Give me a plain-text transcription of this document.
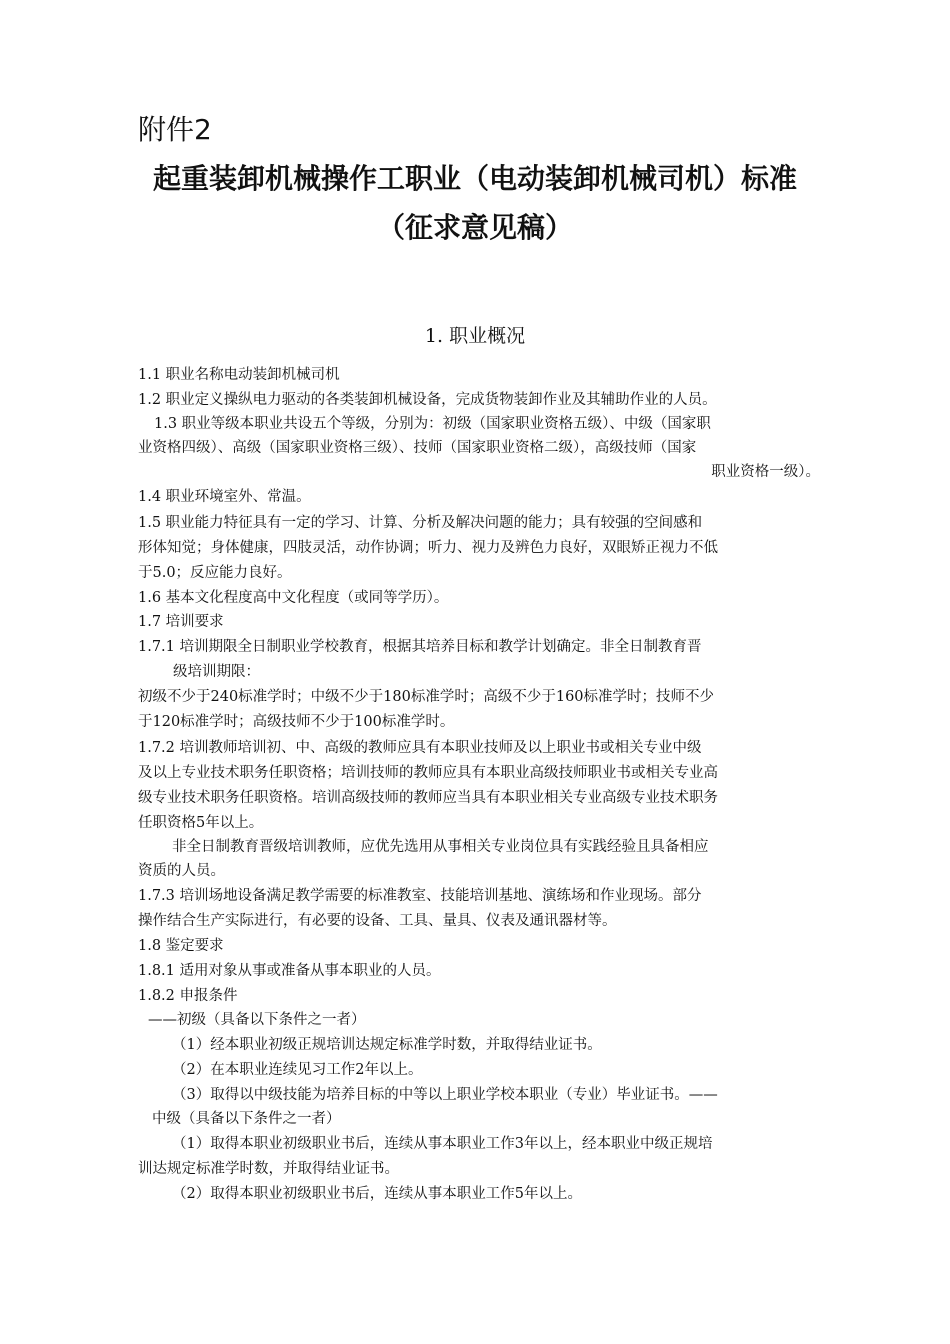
附件2
起重装卸机械操作工职业（电动装卸机械司机）标准
（征求意见稿）
1. 职业概况
1.1 职业名称电动装卸机械司机
1.2 职业定义操纵电力驱动的各类装卸机械设备，完成货物装卸作业及其辅助作业的人员。
1.3 职业等级本职业共设五个等级，分别为：初级（国家职业资格五级）、中级（国家职
业资格四级）、高级（国家职业资格三级）、技师（国家职业资格二级），高级技师（国家
职业资格一级）。
1.4 职业环境室外、常温。
1.5 职业能力特征具有一定的学习、计算、分析及解决问题的能力；具有较强的空间感和
形体知觉；身体健康，四肢灵活，动作协调；听力、视力及辨色力良好，双眼矫正视力不低
于5.0；反应能力良好。
1.6 基本文化程度高中文化程度（或同等学历）。
1.7 培训要求
1.7.1 培训期限全日制职业学校教育，根据其培养目标和教学计划确定。非全日制教育晋
级培训期限：
初级不少于240标准学时；中级不少于180标准学时；高级不少于160标准学时；技师不少
于120标准学时；高级技师不少于100标准学时。
1.7.2 培训教师培训初、中、高级的教师应具有本职业技师及以上职业书或相关专业中级
及以上专业技术职务任职资格；培训技师的教师应具有本职业高级技师职业书或相关专业高
级专业技术职务任职资格。培训高级技师的教师应当具有本职业相关专业高级专业技术职务
任职资格5年以上。
非全日制教育晋级培训教师，应优先选用从事相关专业岗位具有实践经验且具备相应
资质的人员。
1.7.3 培训场地设备满足教学需要的标准教室、技能培训基地、演练场和作业现场。部分
操作结合生产实际进行，有必要的设备、工具、量具、仪表及通讯器材等。
1.8 鉴定要求
1.8.1 适用对象从事或准备从事本职业的人员。
1.8.2 申报条件
——初级（具备以下条件之一者）
（1）经本职业初级正规培训达规定标准学时数，并取得结业证书。
（2）在本职业连续见习工作2年以上。
（3）取得以中级技能为培养目标的中等以上职业学校本职业（专业）毕业证书。——
中级（具备以下条件之一者）
（1）取得本职业初级职业书后，连续从事本职业工作3年以上，经本职业中级正规培
训达规定标准学时数，并取得结业证书。
（2）取得本职业初级职业书后，连续从事本职业工作5年以上。
